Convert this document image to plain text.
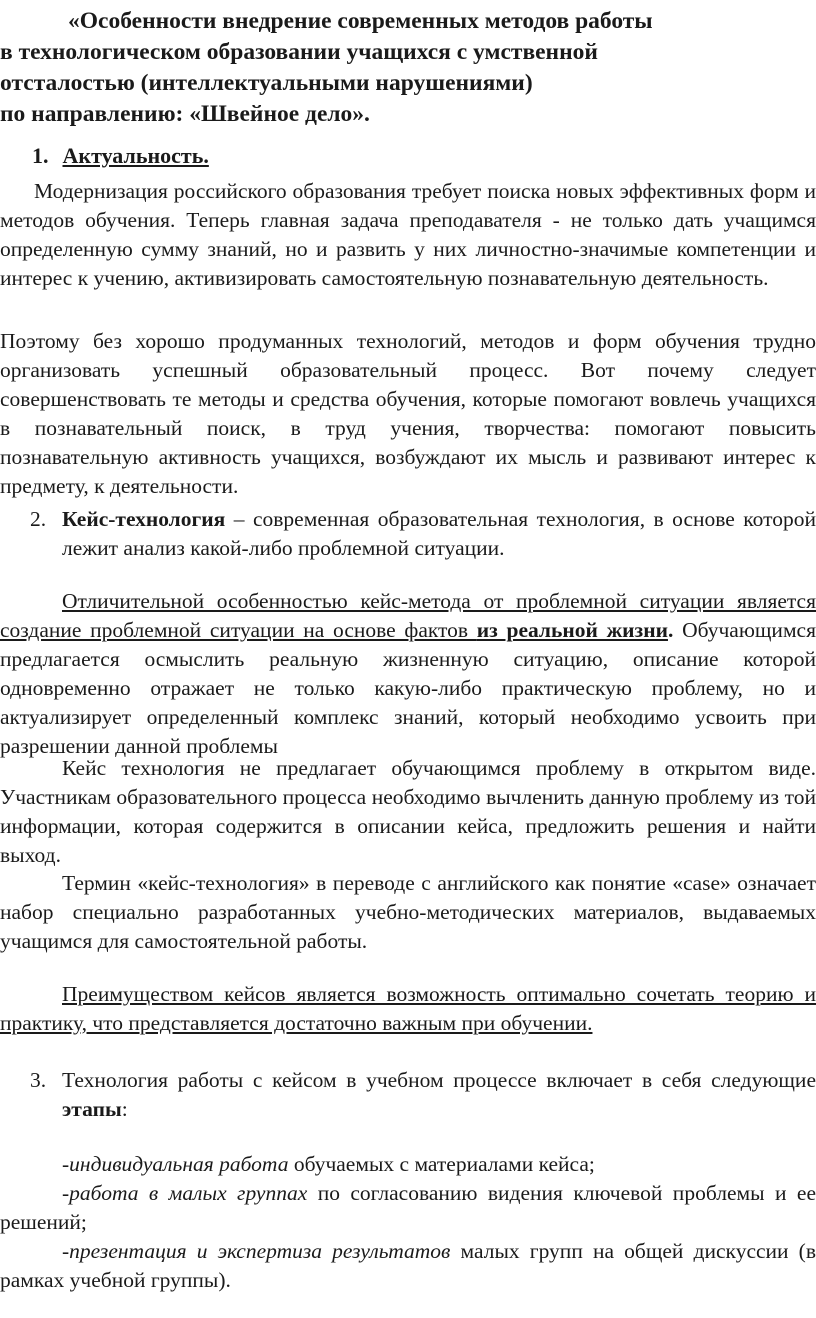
«Особенности внедрение современных методов работы
в технологическом образовании учащихся с умственной
отсталостью (интеллектуальными нарушениями)
по направлению: «Швейное дело».
1. Актуальность.

Модернизация российского образования требует поиска новых эффективных форм и методов обучения. Теперь главная задача преподавателя - не только дать учащимся определенную сумму знаний, но и развить у них личностно-значимые компетенции и интерес к учению, активизировать самостоятельную познавательную деятельность.

Поэтому без хорошо продуманных технологий, методов и форм обучения трудно организовать успешный образовательный процесс. Вот почему следует совершенствовать те методы и средства обучения, которые помогают вовлечь учащихся в познавательный поиск, в труд учения, творчества: помогают повысить познавательную активность учащихся, возбуждают их мысль и развивают интерес к предмету, к деятельности.

2. Кейс-технология – современная образовательная технология, в основе которой лежит анализ какой-либо проблемной ситуации.

Отличительной особенностью кейс-метода от проблемной ситуации является создание проблемной ситуации на основе фактов из реальной жизни. Обучающимся предлагается осмыслить реальную жизненную ситуацию, описание которой одновременно отражает не только какую-либо практическую проблему, но и актуализирует определенный комплекс знаний, который необходимо усвоить при разрешении данной проблемы

Кейс технология не предлагает обучающимся проблему в открытом виде. Участникам образовательного процесса необходимо вычленить данную проблему из той информации, которая содержится в описании кейса, предложить решения и найти выход.

Термин «кейс-технология» в переводе с английского как понятие «case» означает набор специально разработанных учебно-методических материалов, выдаваемых учащимся для самостоятельной работы.

Преимуществом кейсов является возможность оптимально сочетать теорию и практику, что представляется достаточно важным при обучении.

3. Технология работы с кейсом в учебном процессе включает в себя следующие этапы:

-индивидуальная работа обучаемых с материалами кейса;

-работа в малых группах по согласованию видения ключевой проблемы и ее решений;

-презентация и экспертиза результатов малых групп на общей дискуссии (в рамках учебной группы).
